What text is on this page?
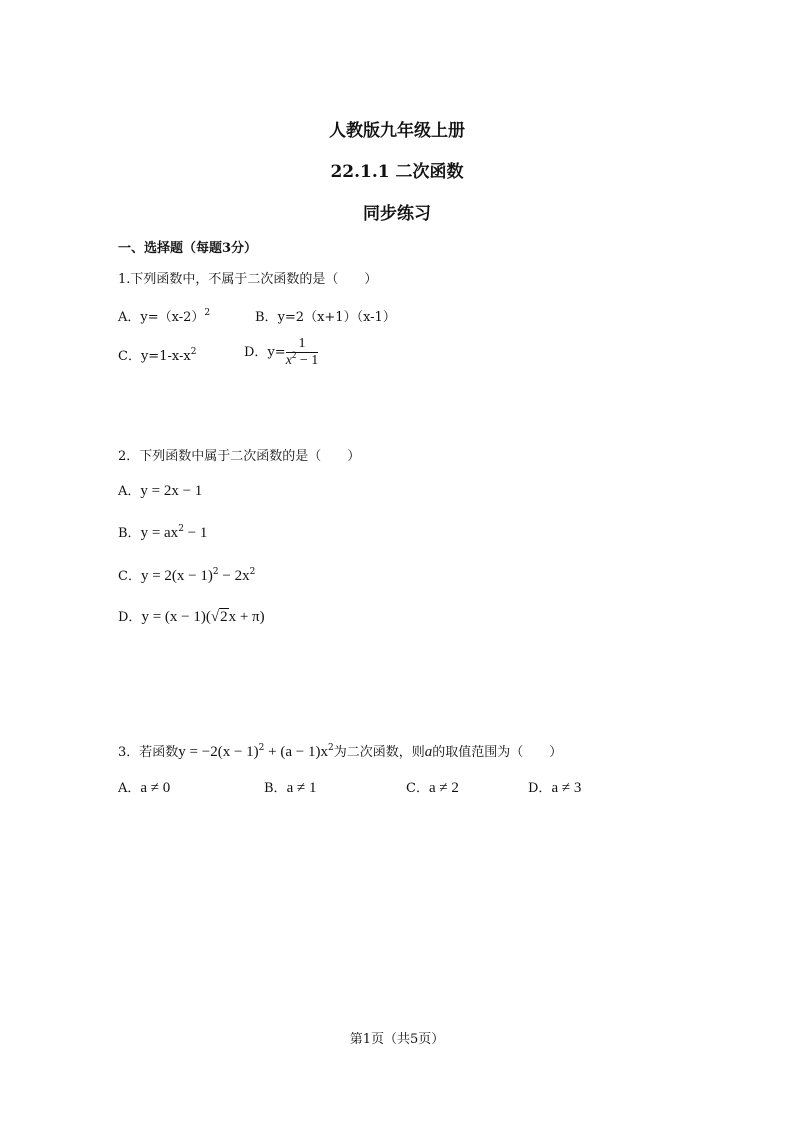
人教版九年级上册
22.1.1 二次函数
同步练习
一、选择题（每题3分）
1.下列函数中，不属于二次函数的是（　　）
A．$y=(x-2)^2$	B．y=2（x+1）（x-1）
C．$y=1-x-x^2$	D．$y= \frac{1}{x^2 - 1}$
2．下列函数中属于二次函数的是（　　）
A．y = 2x − 1
B．$y = ax^2 - 1$
C．$y = 2(x - 1)^2 - 2x^2$
D．y = (x − 1)(√2x + π)
3．若函数$y = -2(x - 1)^2 + (a - 1)x^2$为二次函数，则a的取值范围为（　　）
A．a ≠ 0	B．a ≠ 1	C．a ≠ 2	D．a ≠ 3
第1页（共5页）
